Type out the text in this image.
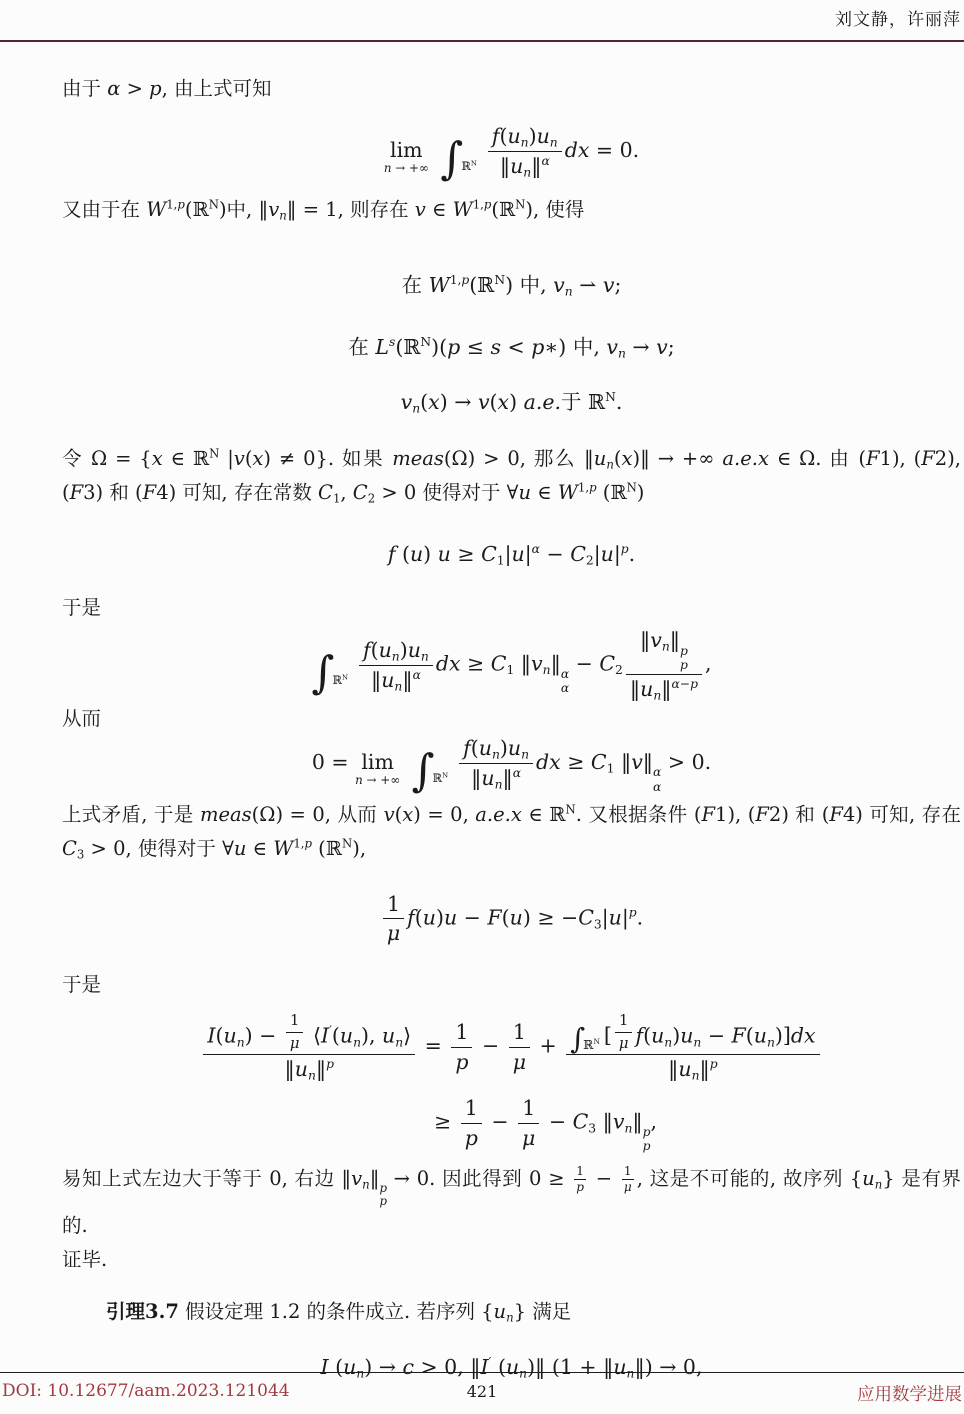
刘文静，许丽萍

由于 α > p, 由上式可知

lim
n → +∞ $\int_{ℝ^N} \frac{f(un)un}{‖un‖^\alpha}$ dx = 0.

又由于在 W$^{1,p}$(ℝ$^N$)中, ‖vn‖ = 1, 则存在 v ∈ W$^{1,p}$(ℝ$^N$), 使得

在 W$^{1,p}$(ℝ$^N$) 中, vn ⇀ v;
在 $L^s(ℝ^N)(p \le s$ < p∗) 中, vn → v;
vn(x) → v(x) a.e.于 ℝ$^N$.

令 Ω = {x ∈ ℝ$^N$ |v(x) ≠ 0}. 如果 meas(Ω) > 0, 那么 ‖un(x)‖ → +∞ a.e.x ∈ Ω. 由 (F1), (F2), (F3) 和 (F4) 可知, 存在常数 C1, C2 > 0 使得对于 ∀u ∈ W$^{1,p}$ (ℝ$^N$)

f (u) $u \ge C1|u|^\alpha - C2|u|^p$.

于是

$\int_{ℝ^N} \frac{f(un)un}{‖un‖^\alpha}$ dx ≥ C1 ‖vn‖ α
α
− C2 ‖vn‖ p
p
‖un‖$^{\alpha-p}$ ,

从而

0 = lim
n → +∞ $\int_{ℝ^N} \frac{f(un)un}{‖un‖^\alpha}$ dx ≥ C1 ‖v‖ α
α
> 0.

上式矛盾, 于是 meas(Ω) = 0, 从而 v(x) = 0, a.e.x ∈ ℝ$^N$. 又根据条件 (F1), (F2) 和 (F4) 可知, 存在 C3 > 0, 使得对于 ∀u ∈ W$^{1,p}$ (ℝ$^N$),

$\frac{1}{\mu} f(u)u - F(u) \ge -C3|u|^p$.

于是

$\frac{I(un) - \frac{1}{\mu} ⟨I'(un), un⟩}{‖un‖^p} = \frac{1}{p} - \frac{1}{\mu} + \frac{\int_{ℝ^N} [ \frac{1}{\mu} f(un)un - F(un)]dx}{‖un‖^p}$
≥ $\frac{1}{p} - \frac{1}{\mu} - C3$ ‖vn‖ p
p
,

易知上式左边大于等于 0, 右边 ‖vn‖ p
p
→ 0. 因此得到 $0 \ge \frac{1}{p} - \frac{1}{\mu}$ , 这是不可能的, 故序列 {un} 是有界的.

证毕.

引理3.7 假设定理 1.2 的条件成立. 若序列 {un} 满足

I (un) → c > 0, ‖I′ (un)‖ (1 + ‖un‖) → 0,
DOI: 10.12677/aam.2023.121044	421	应用数学进展
